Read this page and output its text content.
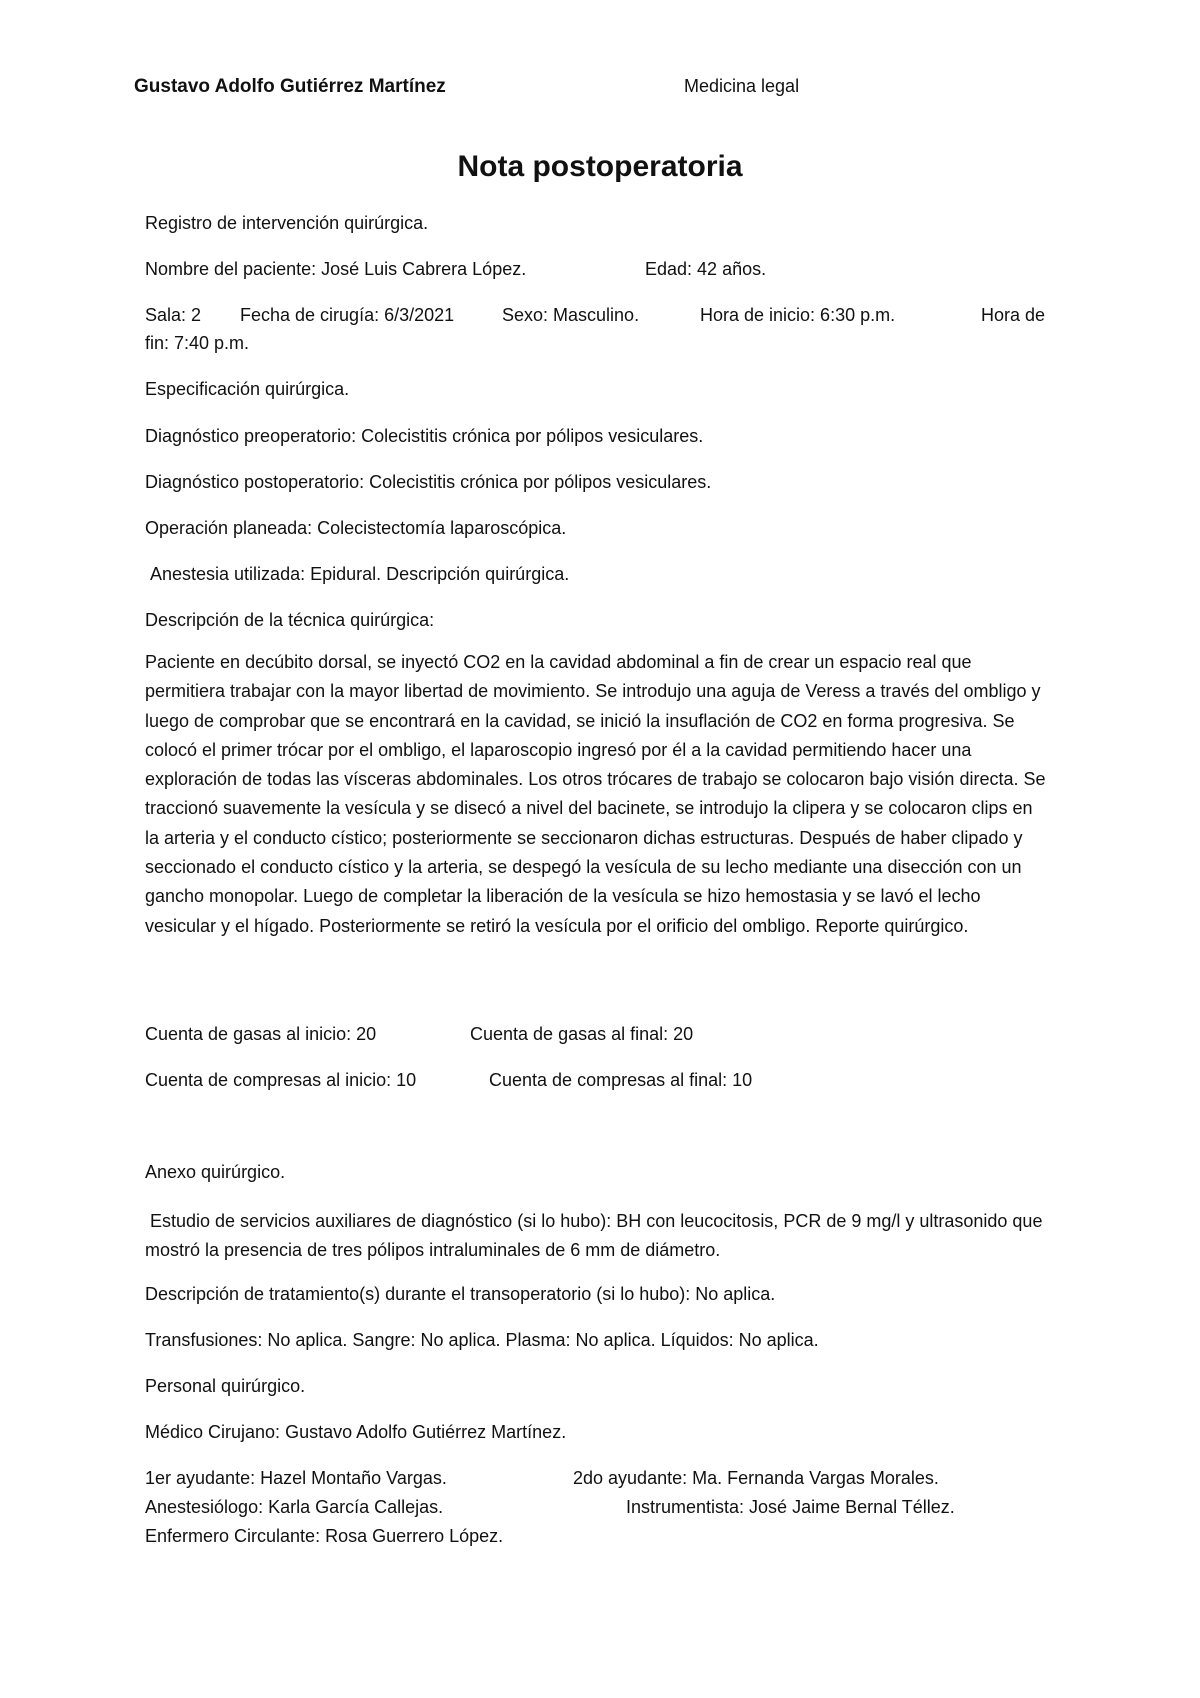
Gustavo Adolfo Gutiérrez Martínez	Medicina legal
Nota postoperatoria
Registro de intervención quirúrgica.
Nombre del paciente: José Luis Cabrera López.	Edad: 42 años.
Sala: 2 Fecha de cirugía: 6/3/2021	Sexo: Masculino.	Hora de inicio: 6:30 p.m.	Hora de
fin: 7:40 p.m.
Especificación quirúrgica.
Diagnóstico preoperatorio: Colecistitis crónica por pólipos vesiculares.
Diagnóstico postoperatorio: Colecistitis crónica por pólipos vesiculares.
Operación planeada: Colecistectomía laparoscópica.
Anestesia utilizada: Epidural. Descripción quirúrgica.
Descripción de la técnica quirúrgica:
Paciente en decúbito dorsal, se inyectó CO2 en la cavidad abdominal a fin de crear un espacio real que permitiera trabajar con la mayor libertad de movimiento. Se introdujo una aguja de Veress a través del ombligo y luego de comprobar que se encontrará en la cavidad, se inició la insuflación de CO2 en forma progresiva. Se colocó el primer trócar por el ombligo, el laparoscopio ingresó por él a la cavidad permitiendo hacer una exploración de todas las vísceras abdominales. Los otros trócares de trabajo se colocaron bajo visión directa. Se traccionó suavemente la vesícula y se disecó a nivel del bacinete, se introdujo la clipera y se colocaron clips en la arteria y el conducto cístico; posteriormente se seccionaron dichas estructuras. Después de haber clipado y seccionado el conducto cístico y la arteria, se despegó la vesícula de su lecho mediante una disección con un gancho monopolar. Luego de completar la liberación de la vesícula se hizo hemostasia y se lavó el lecho vesicular y el hígado. Posteriormente se retiró la vesícula por el orificio del ombligo. Reporte quirúrgico.
Cuenta de gasas al inicio: 20	Cuenta de gasas al final: 20
Cuenta de compresas al inicio: 10	Cuenta de compresas al final: 10
Anexo quirúrgico.
Estudio de servicios auxiliares de diagnóstico (si lo hubo): BH con leucocitosis, PCR de 9 mg/l y ultrasonido que mostró la presencia de tres pólipos intraluminales de 6 mm de diámetro.
Descripción de tratamiento(s) durante el transoperatorio (si lo hubo): No aplica.
Transfusiones: No aplica. Sangre: No aplica. Plasma: No aplica. Líquidos: No aplica.
Personal quirúrgico.
Médico Cirujano: Gustavo Adolfo Gutiérrez Martínez.
1er ayudante: Hazel Montaño Vargas.	2do ayudante: Ma. Fernanda Vargas Morales.
Anestesiólogo: Karla García Callejas.	Instrumentista: José Jaime Bernal Téllez.
Enfermero Circulante: Rosa Guerrero López.
